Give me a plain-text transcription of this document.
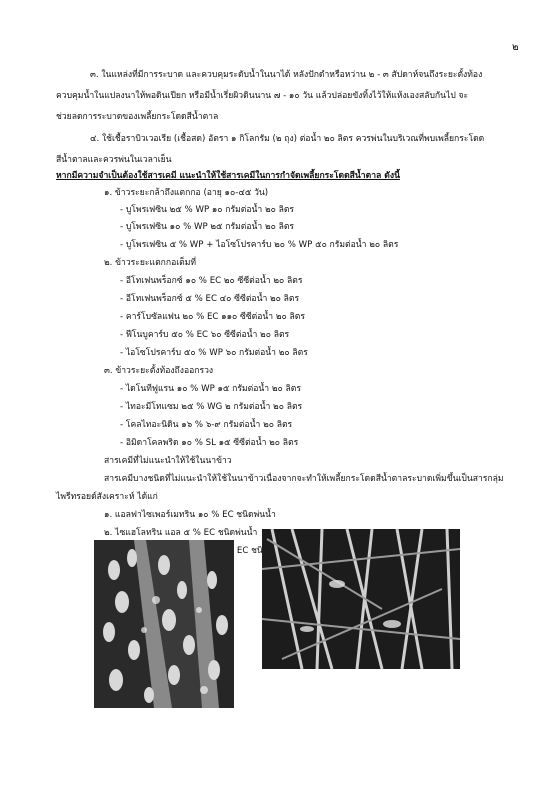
๒
๓. ในแหล่งที่มีการระบาด และควบคุมระดับน้ำในนาได้ หลังปักดำหรือหว่าน ๒ - ๓ สัปดาห์จนถึงระยะตั้งท้อง
ควบคุมน้ำในแปลงนาให้พอดินเปียก หรือมีน้ำเรี่ยผิวดินนาน ๗ - ๑๐ วัน แล้วปล่อยขังทิ้งไว้ให้แห้งเองสลับกันไป จะ
ช่วยลดการระบาดของเพลี้ยกระโดดสีน้ำตาล
๔. ใช้เชื้อราบิวเวอเรีย (เชื้อสด) อัตรา ๑ กิโลกรัม (๒ ถุง) ต่อน้ำ ๒๐ ลิตร ควรพ่นในบริเวณที่พบเพลี้ยกระโดด
สีน้ำตาลและควรพ่นในเวลาเย็น
หากมีความจำเป็นต้องใช้สารเคมี แนะนำให้ใช้สารเคมีในการกำจัดเพลี้ยกระโดดสีน้ำตาล ดังนี้
๑. ข้าวระยะกล้าถึงแตกกอ (อายุ ๑๐-๔๕ วัน)
- บูโพรเฟซิน ๒๕ % WP ๑๐ กรัมต่อน้ำ ๒๐ ลิตร
- บูโพรเฟซิน ๑๐ % WP ๒๕ กรัมต่อน้ำ ๒๐ ลิตร
- บูโพรเฟซิน ๕ % WP + ไอโซโปรคาร์บ ๒๐ % WP ๕๐ กรัมต่อน้ำ ๒๐ ลิตร
๒. ข้าวระยะแตกกอเต็มที่
- อีโทเฟนพร็อกซ์ ๑๐ % EC ๒๐ ซีซีต่อน้ำ ๒๐ ลิตร
- อีโทเฟนพร็อกซ์ ๕ % EC ๔๐ ซีซีต่อน้ำ ๒๐ ลิตร
- คาร์โบซัลแฟน ๒๐ % EC ๑๑๐ ซีซีต่อน้ำ ๒๐ ลิตร
- ฟีโนบูคาร์บ ๕๐ % EC ๖๐ ซีซีต่อน้ำ ๒๐ ลิตร
- ไอโซโปรคาร์บ ๕๐ % WP ๖๐ กรัมต่อน้ำ ๒๐ ลิตร
๓. ข้าวระยะตั้งท้องถึงออกรวง
- ไดโนทีฟูแรน ๑๐ % WP ๑๕ กรัมต่อน้ำ ๒๐ ลิตร
- ไทอะมีโทแซม ๒๕ % WG ๒ กรัมต่อน้ำ ๒๐ ลิตร
- โคลไทอะนิดิน ๑๖ % ๖-๙ กรัมต่อน้ำ ๒๐ ลิตร
- อิมิดาโคลพริด ๑๐ % SL ๑๕ ซีซีต่อน้ำ ๒๐ ลิตร
สารเคมีที่ไม่แนะนำให้ใช้ในนาข้าว
สารเคมีบางชนิดที่ไม่แนะนำให้ใช้ในนาข้าวเนื่องจากจะทำให้เพลี้ยกระโดดสีน้ำตาลระบาดเพิ่มขึ้นเป็นสารกลุ่ม
ไพรีทรอยด์สังเคราะห์ ได้แก่
๑. แอลฟาไซเพอร์เมทริน ๑๐ % EC ชนิดพ่นน้ำ
๒. ไซแฮโลทริน แอล ๕ % EC ชนิดพ่นน้ำ
EC
